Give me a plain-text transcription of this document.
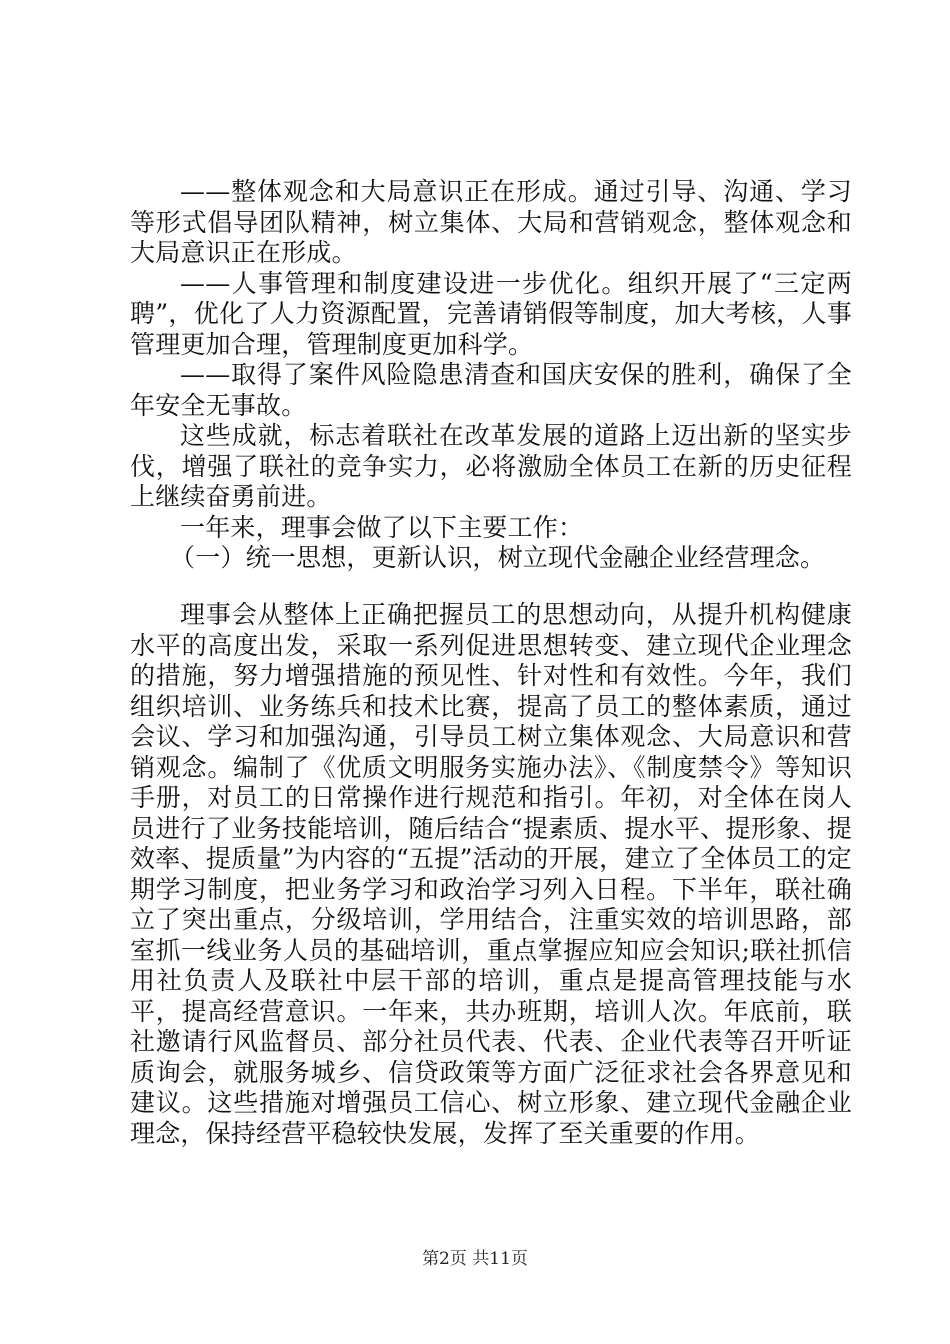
——整体观念和大局意识正在形成。通过引导、沟通、学习等形式倡导团队精神，树立集体、大局和营销观念，整体观念和大局意识正在形成。

——人事管理和制度建设进一步优化。组织开展了“三定两聘”，优化了人力资源配置，完善请销假等制度，加大考核，人事管理更加合理，管理制度更加科学。

——取得了案件风险隐患清查和国庆安保的胜利，确保了全年安全无事故。

这些成就，标志着联社在改革发展的道路上迈出新的坚实步伐，增强了联社的竞争实力，必将激励全体员工在新的历史征程上继续奋勇前进。

一年来，理事会做了以下主要工作：

（一）统一思想，更新认识，树立现代金融企业经营理念。

理事会从整体上正确把握员工的思想动向，从提升机构健康水平的高度出发，采取一系列促进思想转变、建立现代企业理念的措施，努力增强措施的预见性、针对性和有效性。今年，我们组织培训、业务练兵和技术比赛，提高了员工的整体素质，通过会议、学习和加强沟通，引导员工树立集体观念、大局意识和营销观念。编制了《优质文明服务实施办法》、《制度禁令》等知识手册，对员工的日常操作进行规范和指引。年初，对全体在岗人员进行了业务技能培训，随后结合“提素质、提水平、提形象、提效率、提质量”为内容的“五提”活动的开展，建立了全体员工的定期学习制度，把业务学习和政治学习列入日程。下半年，联社确立了突出重点，分级培训，学用结合，注重实效的培训思路，部室抓一线业务人员的基础培训，重点掌握应知应会知识;联社抓信用社负责人及联社中层干部的培训，重点是提高管理技能与水平，提高经营意识。一年来，共办班期，培训人次。年底前，联社邀请行风监督员、部分社员代表、代表、企业代表等召开听证质询会，就服务城乡、信贷政策等方面广泛征求社会各界意见和建议。这些措施对增强员工信心、树立形象、建立现代金融企业理念，保持经营平稳较快发展，发挥了至关重要的作用。

第2页 共11页
